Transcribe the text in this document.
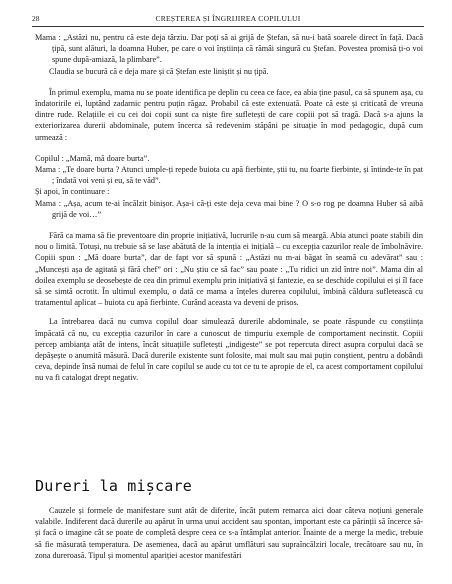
28	CREȘTEREA ȘI ÎNGRIJIREA COPILULUI

Mama : „Astăzi nu, pentru că este deja târziu. Dar poți să ai grijă de Ștefan, să nu-i bată soarele direct în față. Dacă țipă, sunt alături, la doamna Huber, pe care o voi înștiința că rămâi singură cu Ștefan. Povestea promisă ți-o voi spune după-amiază, la plimbare”.

Claudia se bucură că e deja mare și că Ștefan este liniștit și nu țipă.

În primul exemplu, mama nu se poate identifica pe deplin cu ceea ce face, ea abia ține pasul, ca să spunem așa, cu îndatoririle ei, luptând zadarnic pentru puțin răgaz. Probabil că este extenuată. Poate că este și criticată de vreuna dintre rude. Relațiile ei cu cei doi copii sunt ca niște fire sufletești de care copiii pot să tragă. Dacă s-a ajuns la exteriorizarea durerii abdominale, putem încerca să redevenim stăpâni pe situație în mod pedagogic, după cum urmează :

Copilul : „Mamă, mă doare burta”.

Mama : „Te doare burta ? Atunci umple-ți repede buiota cu apă fierbinte, știi tu, nu foarte fierbinte, și întinde-te în pat ; îndată voi veni și eu, să te văd”.

Și apoi, în continuare :

Mama : „Așa, acum te-ai încălzit binișor. Așa-i că-ți este deja ceva mai bine ? O s-o rog pe doamna Huber să aibă grijă de voi…”

Fără ca mama să fie preventoare din proprie inițiativă, lucrurile n-au cum să meargă. Abia atunci poate stabili din nou o limită. Totuși, nu trebuie să se lase abătută de la intenția ei inițială – cu excepția cazurilor reale de îmbolnăvire. Copiii spun : „Mă doare burta”, dar de fapt vor să spună : „Astăzi nu m-ai băgat în seamă cu adevărat” sau : „Muncești așa de agitată și fără chef” ori : „Nu știu ce să fac” sau poate : „Tu ridici un zid între noi”. Mama din al doilea exemplu se deosebește de cea din primul exemplu prin inițiativă și fantezie, ea se deschide copilului ei și îl face să se simtă ocrotit. În ultimul exemplu, o dată ce mama a înțeles durerea copilului, îmbină căldura sufletească cu tratamentul aplicat – buiota cu apă fierbinte. Curând aceasta va deveni de prisos.

La întrebarea dacă nu cumva copilul doar simulează durerile abdominale, se poate răspunde cu conștiința împăcată că nu, cu excepția cazurilor în care a cunoscut de timpuriu exemple de comportament necinstit. Copiii percep ambianța atât de intens, încât situațiile sufletești „indigeste” se pot repercuta direct asupra corpului dacă se depășește o anumită măsură. Dacă durerile existente sunt folosite, mai mult sau mai puțin conștient, pentru a dobândi ceva, depinde însă numai de felul în care copilul se aude cu tot ce tu te apropie de el, ca acest comportament copilului nu va fi catalogat drept negativ.

Dureri la mișcare

Cauzele și formele de manifestare sunt atât de diferite, încât putem remarca aici doar câteva noțiuni generale valabile. Indiferent dacă durerile au apărut în urma unui accident sau spontan, important este ca părinții să încerce să-și facă o imagine cât se poate de completă despre ceea ce s-a întâmplat anterior. Înainte de a merge la medic, trebuie să fie măsurată temperatura. De asemenea, dacă au apărut umflături sau supraîncălziri locale, trecătoare sau nu, în zona dureroasă. Tipul și momentul apariției acestor manifestări
